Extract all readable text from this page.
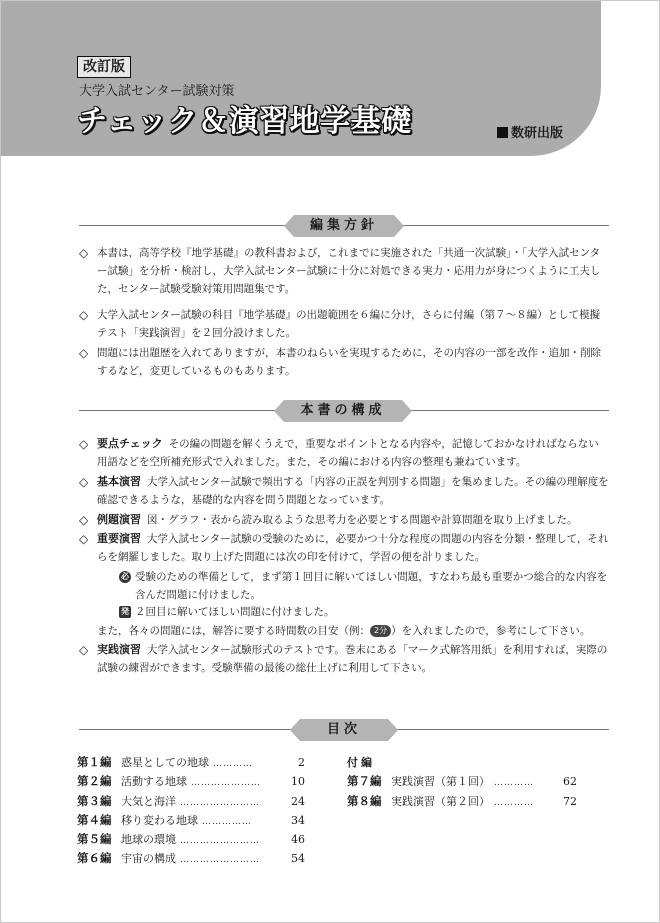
改訂版
大学入試センター試験対策
チェック＆演習地学基礎	数研出版
編集方針
◇ 本書は，高等学校『地学基礎』の教科書および，これまでに実施された「共通一次試験」・「大学入試センター試験」を分析・検討し，大学入試センター試験に十分に対処できる実力・応用力が身につくように工夫した，センター試験受験対策用問題集です。
◇ 大学入試センター試験の科目『地学基礎』の出題範囲を６編に分け，さらに付編（第７～８編）として模擬テスト「実践演習」を２回分設けました。
◇ 問題には出題歴を入れてありますが，本書のねらいを実現するために，その内容の一部を改作・追加・削除するなど，変更しているものもあります。
本書の構成
◇ 要点チェック その編の問題を解くうえで，重要なポイントとなる内容や，記憶しておかなければならない用語などを空所補充形式で入れました。また，その編における内容の整理も兼ねています。
◇ 基本演習 大学入試センター試験で頻出する「内容の正誤を判別する問題」を集めました。その編の理解度を確認できるような，基礎的な内容を問う問題となっています。
◇ 例題演習 図・グラフ・表から読み取るような思考力を必要とする問題や計算問題を取り上げました。
◇ 重要演習 大学入試センター試験の受験のために，必要かつ十分な程度の問題の内容を分類・整理して，それらを網羅しました。取り上げた問題には次の印を付けて，学習の便を計りました。
必 受験のための準備として，まず第１回目に解いてほしい問題，すなわち最も重要かつ総合的な内容を含んだ問題に付けました。
発 ２回目に解いてほしい問題に付けました。
また，各々の問題には，解答に要する時間数の目安（例： 2分 ）を入れましたので，参考にして下さい。
◇ 実践演習 大学入試センター試験形式のテストです。巻末にある「マーク式解答用紙」を利用すれば，実際の試験の練習ができます。受験準備の最後の総仕上げに利用して下さい。
目次
第１編 惑星としての地球 …………	2
第２編 活動する地球 …………………	10
第３編 大気と海洋 ……………………	24
第４編 移り変わる地球 ……………	34
第５編 地球の環境 ……………………	46
第６編 宇宙の構成 ……………………	54
付編
第７編 実践演習（第１回） …………	62
第８編 実践演習（第２回） …………	72
